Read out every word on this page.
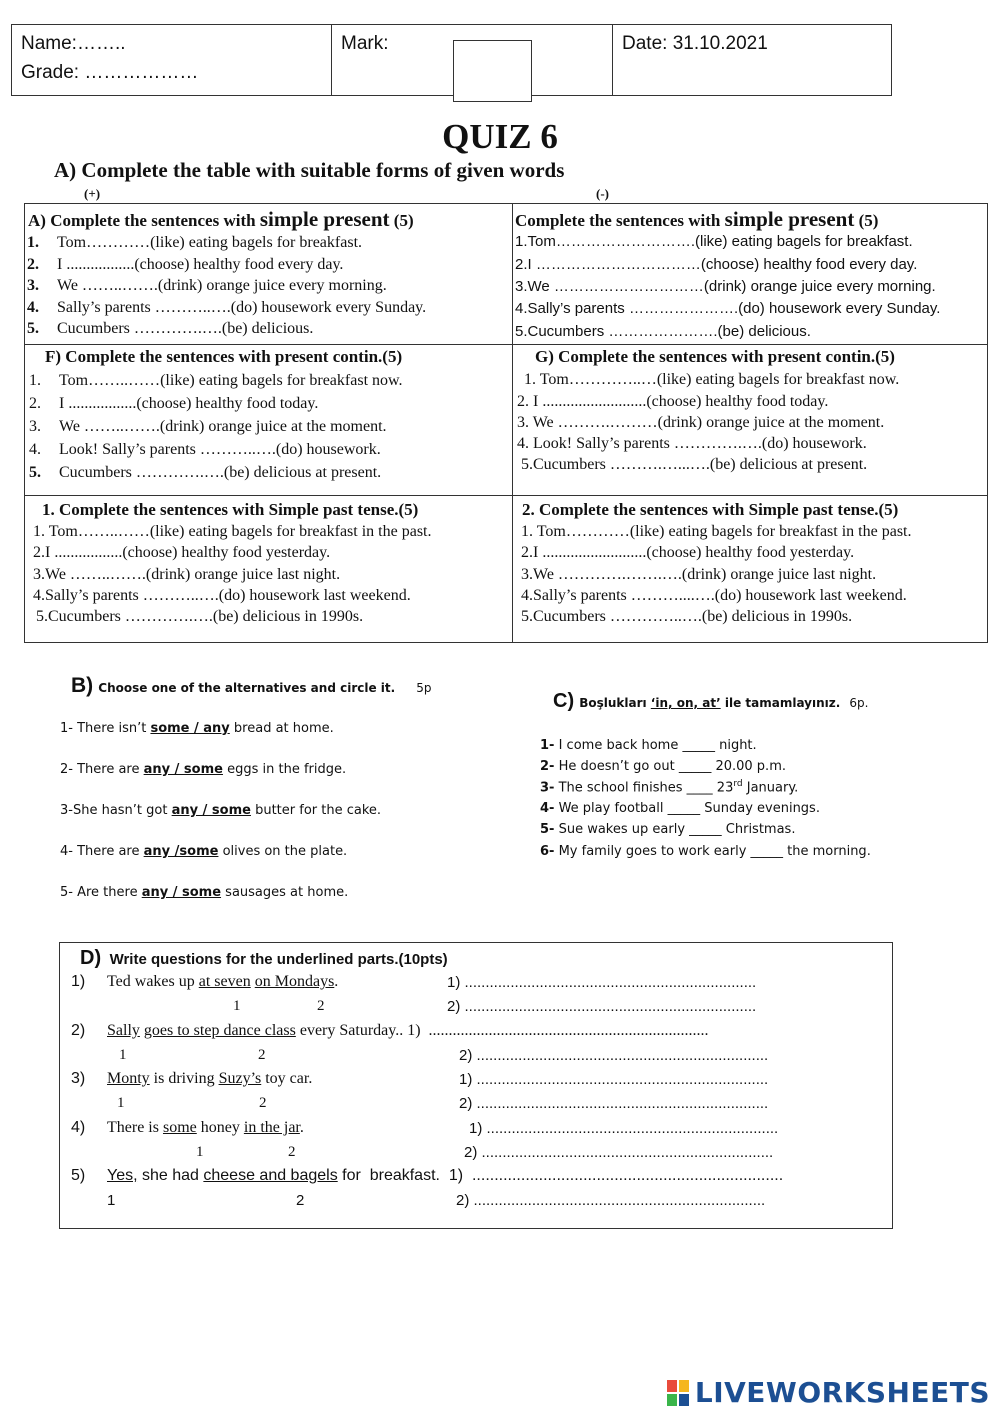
Name:……..
Grade: ………………
Mark:	Date: 31.10.2021
QUIZ 6
A) Complete the table with suitable forms of given words
(+)	(-)
A) Complete the sentences with simple present (5)
1. Tom…………(like) eating bagels for breakfast.
2. I .................(choose) healthy food every day.
3. We ……..…….(drink) orange juice every morning.
4. Sally’s parents ………..….(do) housework every Sunday.
5. Cucumbers ………….….(be) delicious.
Complete the sentences with simple present (5)
1.Tom……………………….(like) eating bagels for breakfast.
2.I ……………………………(choose) healthy food every day.
3.We …………………………(drink) orange juice every morning.
4.Sally’s parents ………………….(do) housework every Sunday.
5.Cucumbers ………………….(be) delicious.
F) Complete the sentences with present contin.(5)
1. Tom……..……(like) eating bagels for breakfast now.
2. I .................(choose) healthy food today.
3. We ……..…….(drink) orange juice at the moment.
4. Look! Sally’s parents ………..….(do) housework.
5. Cucumbers ………….….(be) delicious at present.
G) Complete the sentences with present contin.(5)
1. Tom…………..…(like) eating bagels for breakfast now.
2. I ..........................(choose) healthy food today.
3. We ……….………(drink) orange juice at the moment.
4. Look! Sally’s parents ………….….(do) housework.
5.Cucumbers ……….…...….(be) delicious at present.
1. Complete the sentences with Simple past tense.(5)
1. Tom……..……(like) eating bagels for breakfast in the past.
2.I .................(choose) healthy food yesterday.
3.We ……..…….(drink) orange juice last night.
4.Sally’s parents ………..….(do) housework last weekend.
5.Cucumbers ………….….(be) delicious in 1990s.
2. Complete the sentences with Simple past tense.(5)
1. Tom…………(like) eating bagels for breakfast in the past.
2.I ..........................(choose) healthy food yesterday.
3.We ………….…….….(drink) orange juice last night.
4.Sally’s parents ………....….(do) housework last weekend.
5.Cucumbers …………..….(be) delicious in 1990s.
B) Choose one of the alternatives and circle it. 5p
1- There isn’t some / any bread at home.
2- There are any / some eggs in the fridge.
3-She hasn’t got any / some butter for the cake.
4- There are any /some olives on the plate.
5- Are there any / some sausages at home.
C) Boşlukları ‘in, on, at’ ile tamamlayınız. 6p.
1- I come back home _____ night.
2- He doesn’t go out _____ 20.00 p.m.
3- The school finishes ____ 23rd January.
4- We play football _____ Sunday evenings.
5- Sue wakes up early _____ Christmas.
6- My family goes to work early _____ the morning.
D) Write questions for the underlined parts.(10pts)
1) Ted wakes up at seven on Mondays.
1	2
1) ......................................................................
2) ......................................................................
2) Sally goes to step dance class every Saturday.. 1)  ......................................................................
1	2	2) ......................................................................
3) Monty is driving Suzy’s toy car.
1	2
1) ......................................................................
2) ......................................................................
4) There is some honey in the jar.
1	2
1) ......................................................................
2) ......................................................................
5) Yes, she had cheese and bagels for  breakfast.  1)  ......................................................................
1	2	2) ......................................................................
LIVEWORKSHEETS
